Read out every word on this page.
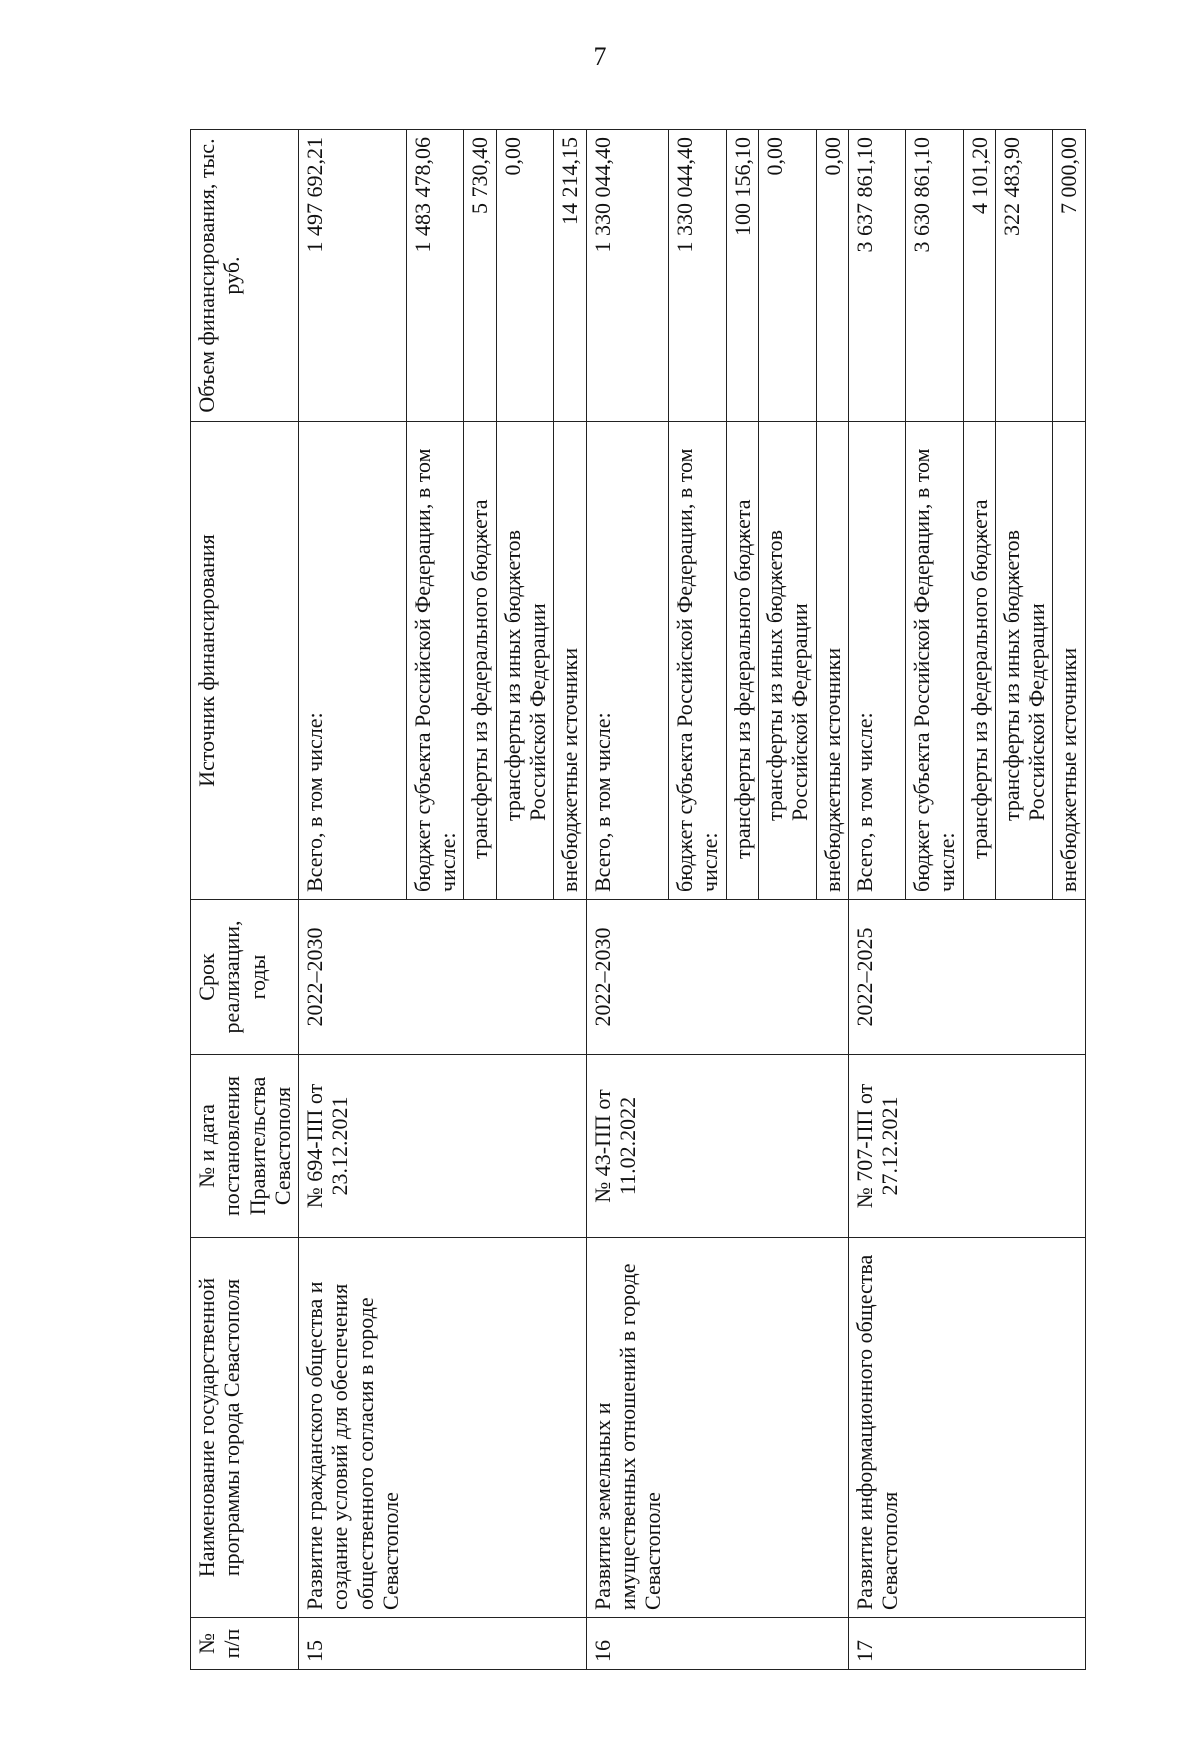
7
№ п/п	Наименование государственной программы города Севастополя	№ и дата постановления Правительства Севастополя	Срок реализации, годы	Источник финансирования	Объем финансирования, тыс. руб.
15	Развитие гражданского общества и создание условий для обеспечения общественного согласия в городе Севастополе	№ 694-ПП от 23.12.2021	2022–2030	Всего, в том числе:	1 497 692,21
				бюджет субъекта Российской Федерации, в том числе:	1 483 478,06
				трансферты из федерального бюджета	5 730,40
				трансферты из иных бюджетов Российской Федерации	0,00
				внебюджетные источники	14 214,15
16	Развитие земельных и имущественных отношений в городе Севастополе	№ 43-ПП от 11.02.2022	2022–2030	Всего, в том числе:	1 330 044,40
				бюджет субъекта Российской Федерации, в том числе:	1 330 044,40
				трансферты из федерального бюджета	100 156,10
				трансферты из иных бюджетов Российской Федерации	0,00
				внебюджетные источники	0,00
17	Развитие информационного общества Севастополя	№ 707-ПП от 27.12.2021	2022–2025	Всего, в том числе:	3 637 861,10
				бюджет субъекта Российской Федерации, в том числе:	3 630 861,10
				трансферты из федерального бюджета	4 101,20
				трансферты из иных бюджетов Российской Федерации	322 483,90
				внебюджетные источники	7 000,00
